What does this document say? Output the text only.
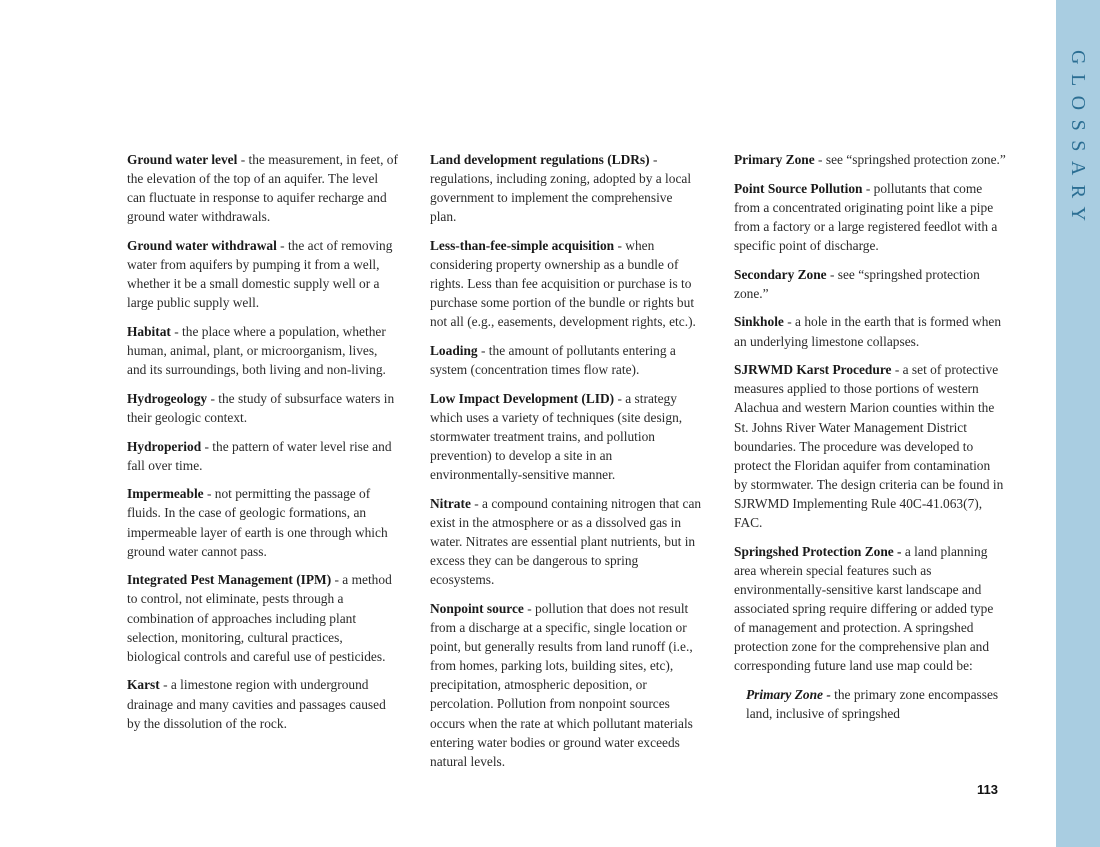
GLOSSARY

Ground water level - the measurement, in feet, of the elevation of the top of an aquifer. The level can fluctuate in response to aquifer recharge and ground water withdrawals.

Ground water withdrawal - the act of removing water from aquifers by pumping it from a well, whether it be a small domestic supply well or a large public supply well.

Habitat - the place where a population, whether human, animal, plant, or microorganism, lives, and its surroundings, both living and non-living.

Hydrogeology - the study of subsurface waters in their geologic context.

Hydroperiod - the pattern of water level rise and fall over time.

Impermeable - not permitting the passage of fluids. In the case of geologic formations, an impermeable layer of earth is one through which ground water cannot pass.

Integrated Pest Management (IPM) - a method to control, not eliminate, pests through a combination of approaches including plant selection, monitoring, cultural practices, biological controls and careful use of pesticides.

Karst - a limestone region with underground drainage and many cavities and passages caused by the dissolution of the rock.

Land development regulations (LDRs) - regulations, including zoning, adopted by a local government to implement the comprehensive plan.

Less-than-fee-simple acquisition - when considering property ownership as a bundle of rights. Less than fee acquisition or purchase is to purchase some portion of the bundle or rights but not all (e.g., easements, development rights, etc.).

Loading - the amount of pollutants entering a system (concentration times flow rate).

Low Impact Development (LID) - a strategy which uses a variety of techniques (site design, stormwater treatment trains, and pollution prevention) to develop a site in an environmentally-sensitive manner.

Nitrate - a compound containing nitrogen that can exist in the atmosphere or as a dissolved gas in water. Nitrates are essential plant nutrients, but in excess they can be dangerous to spring ecosystems.

Nonpoint source - pollution that does not result from a discharge at a specific, single location or point, but generally results from land runoff (i.e., from homes, parking lots, building sites, etc), precipitation, atmospheric deposition, or percolation. Pollution from nonpoint sources occurs when the rate at which pollutant materials entering water bodies or ground water exceeds natural levels.

Primary Zone - see “springshed protection zone.”

Point Source Pollution - pollutants that come from a concentrated originating point like a pipe from a factory or a large registered feedlot with a specific point of discharge.

Secondary Zone - see “springshed protection zone.”

Sinkhole - a hole in the earth that is formed when an underlying limestone collapses.

SJRWMD Karst Procedure - a set of protective measures applied to those portions of western Alachua and western Marion counties within the St. Johns River Water Management District boundaries. The procedure was developed to protect the Floridan aquifer from contamination by stormwater. The design criteria can be found in SJRWMD Implementing Rule 40C-41.063(7), FAC.

Springshed Protection Zone - a land planning area wherein special features such as environmentally-sensitive karst landscape and associated spring require differing or added type of management and protection. A springshed protection zone for the comprehensive plan and corresponding future land use map could be:

Primary Zone - the primary zone encompasses land, inclusive of springshed

113
